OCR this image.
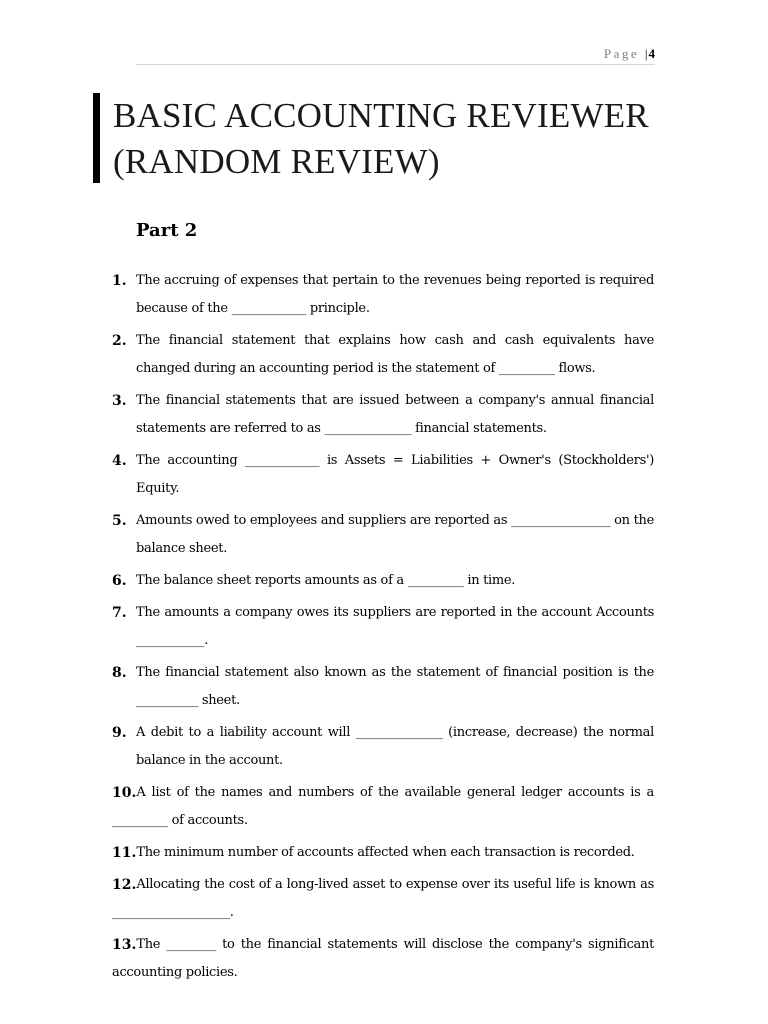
Page |4
BASIC ACCOUNTING REVIEWER
(RANDOM REVIEW)
Part 2
1. The accruing of expenses that pertain to the revenues being reported is required because of the ____________ principle.
2. The financial statement that explains how cash and cash equivalents have changed during an accounting period is the statement of _________ flows.
3. The financial statements that are issued between a company's annual financial statements are referred to as ______________ financial statements.
4. The accounting ____________ is Assets = Liabilities + Owner's (Stockholders') Equity.
5. Amounts owed to employees and suppliers are reported as ________________ on the balance sheet.
6. The balance sheet reports amounts as of a _________ in time.
7. The amounts a company owes its suppliers are reported in the account Accounts ___________.
8. The financial statement also known as the statement of financial position is the __________ sheet.
9. A debit to a liability account will ______________ (increase, decrease) the normal balance in the account.
10. A list of the names and numbers of the available general ledger accounts is a _________ of accounts.
11. The minimum number of accounts affected when each transaction is recorded.
12. Allocating the cost of a long-lived asset to expense over its useful life is known as ___________________.
13. The ________ to the financial statements will disclose the company's significant accounting policies.
